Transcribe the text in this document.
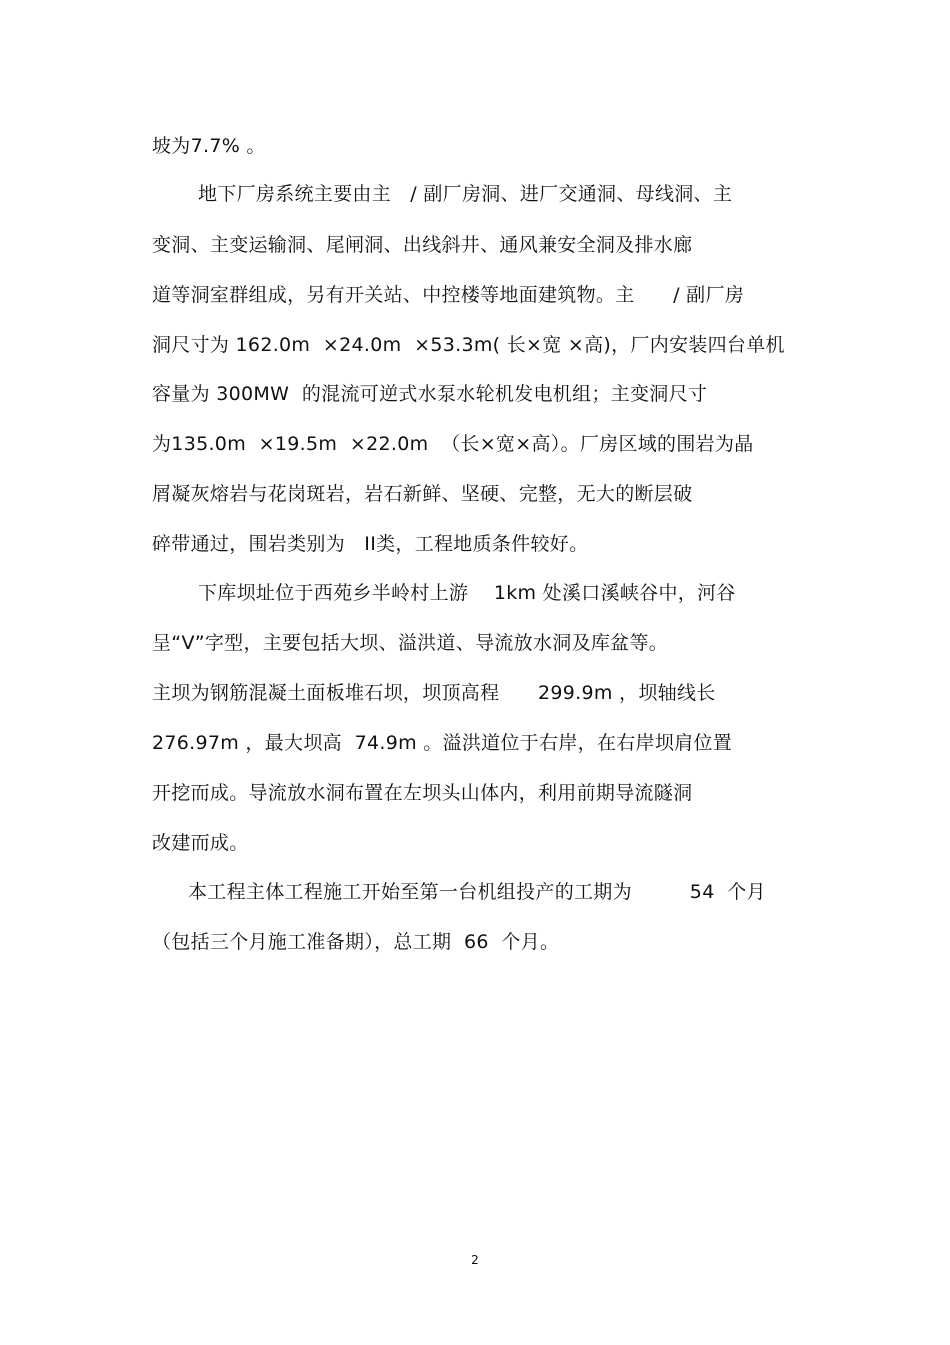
坡为7.7% 。
地下厂房系统主要由主　/ 副厂房洞、进厂交通洞、母线洞、主
变洞、主变运输洞、尾闸洞、出线斜井、通风兼安全洞及排水廊
道等洞室群组成，另有开关站、中控楼等地面建筑物。主　　/ 副厂房
洞尺寸为 162.0m  ×24.0m  ×53.3m( 长×宽 ×高)，厂内安装四台单机
容量为 300MW  的混流可逆式水泵水轮机发电机组；主变洞尺寸
为135.0m  ×19.5m  ×22.0m  （长×宽×高）。厂房区域的围岩为晶
屑凝灰熔岩与花岗斑岩，岩石新鲜、坚硬、完整，无大的断层破
碎带通过，围岩类别为　II类，工程地质条件较好。
下库坝址位于西苑乡半岭村上游　 1km 处溪口溪峡谷中，河谷
呈“V”字型，主要包括大坝、溢洪道、导流放水洞及库盆等。
主坝为钢筋混凝土面板堆石坝，坝顶高程　　299.9m ，坝轴线长
276.97m ，最大坝高  74.9m 。溢洪道位于右岸，在右岸坝肩位置
开挖而成。导流放水洞布置在左坝头山体内，利用前期导流隧洞
改建而成。
本工程主体工程施工开始至第一台机组投产的工期为　　　54  个月
（包括三个月施工准备期），总工期  66  个月。
2
